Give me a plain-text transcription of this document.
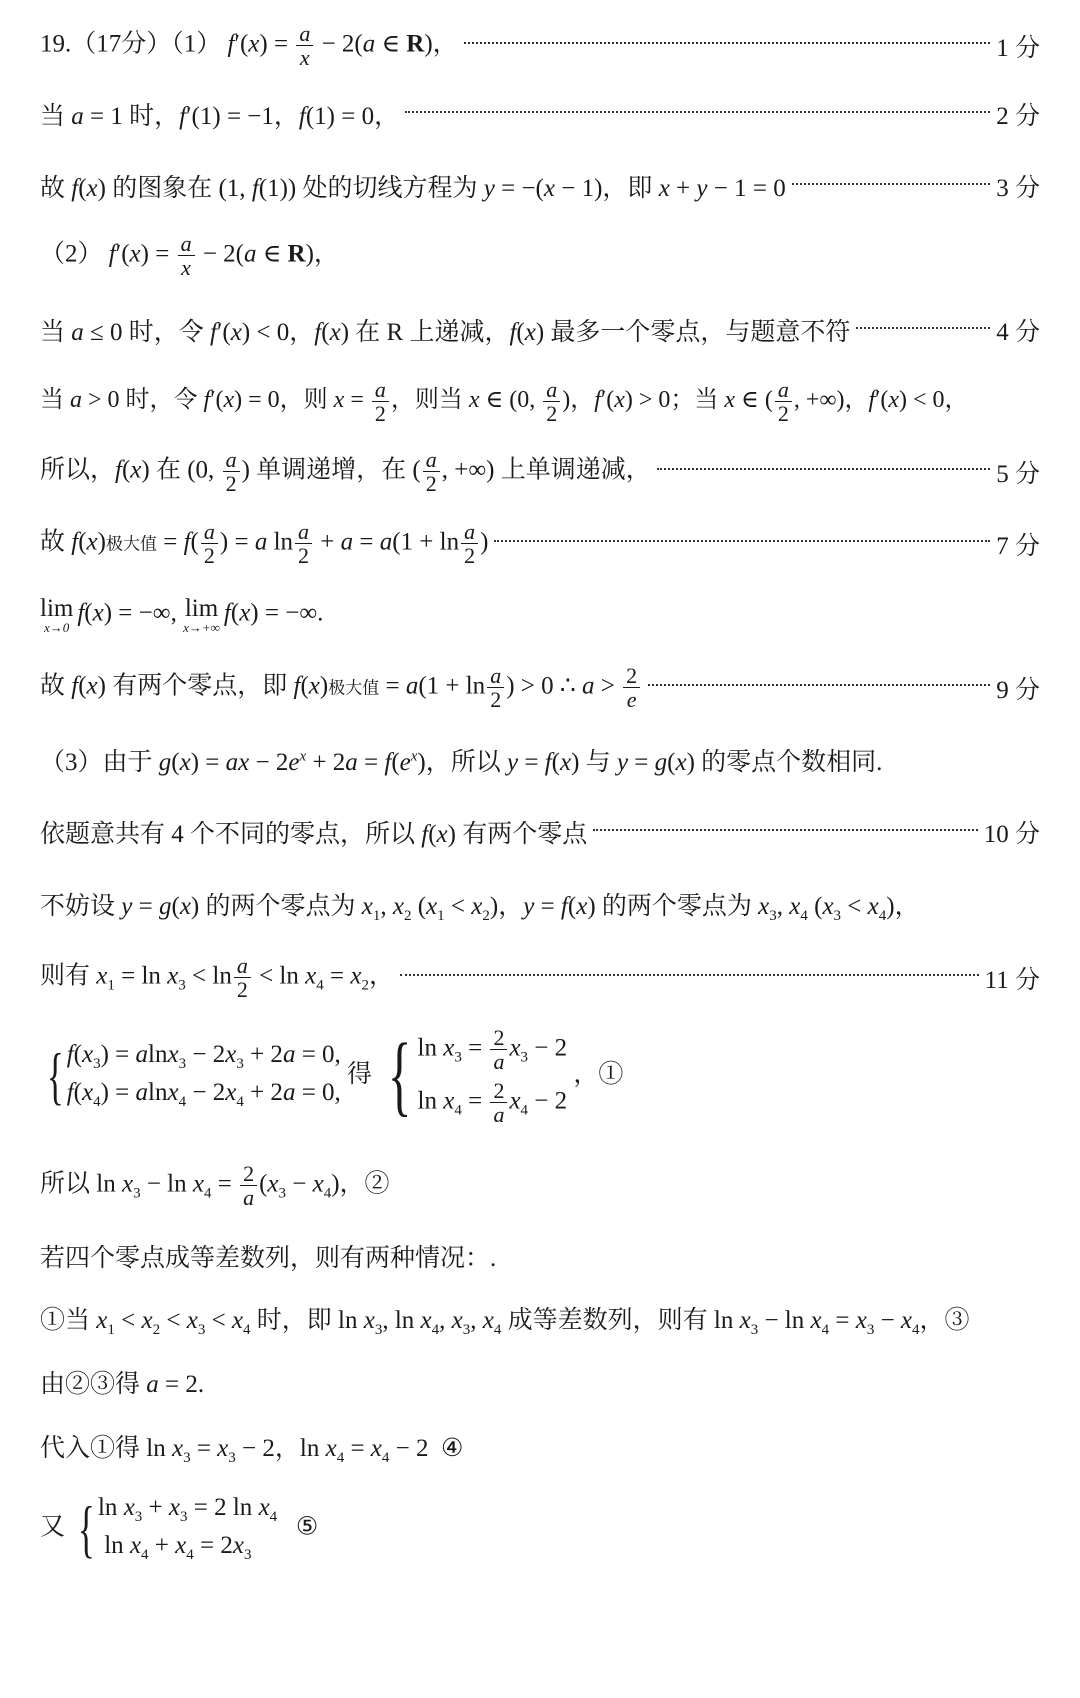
19.（17分）（1） $f'(x) = \frac{a}{x} - 2(a$ ∈ R)，	1 分
当 a = 1 时，f′(1) = −1，f(1) = 0，	2 分
故 f(x) 的图象在 (1, f(1)) 处的切线方程为 y = −(x − 1)，即 x + y − 1 = 0	3 分
（2） $f'(x) = \frac{a}{x} - 2(a$ ∈ R)，
当 a ≤ 0 时，令 f′(x) < 0，f(x) 在 R 上递减，f(x) 最多一个零点，与题意不符	4 分
当 a > 0 时，令 f′(x) = 0，则 $x = \frac{a}{2}$ ，则当 x ∈ (0, $\frac{a}{2}$ )，f′(x) > 0；当 x ∈ ( $\frac{a}{2}$ , +∞)，f′(x) < 0，
所以，f(x) 在 (0, $\frac{a}{2}$ ) 单调递增，在 ( $\frac{a}{2}$ , +∞) 上单调递减，	5 分
故 f(x)极大值 = $f( \frac{a}{2}$ ) = a $\ln \frac{a}{2} + a = a(1 + \ln \frac{a}{2}$ )	7 分
lim
x→0
f(x) = −∞, lim
x→+∞
f(x) = −∞.
故 f(x) 有两个零点，即 f(x)极大值 = $a(1 + \ln \frac{a}{2}$ ) > 0 ∴ $a > \frac{2}{e}$	9 分
（3）由于 g(x) = ax − $2e^x + 2a = f(e^x)$，所以 y = f(x) 与 y = g(x) 的零点个数相同.
依题意共有 4 个不同的零点，所以 f(x) 有两个零点	10 分
不妨设 y = g(x) 的两个零点为 $x_1$, $x_2$ $(x_1 < x_2)$，y = f(x) 的两个零点为 $x_3$, $x_4$ $(x_3 < x_4)$，
则有 $x_1 = \ln x_3 < \ln \frac{a}{2} < \ln x_4 = x_2$，	11 分
{ $f(x_3) = alnx_3 - 2x_3 + 2a = 0$,
$f(x_4) = alnx_4 - 2x_4 + 2a = 0$,
得 { $\ln x_3 = \frac{2}{a} x_3 - 2$
$\ln x_4 = \frac{2}{a} x_4 - 2$
，①
所以 $\ln x_3 - \ln x_4 = \frac{2}{a} (x_3 - x_4)$，②
若四个零点成等差数列，则有两种情况：.
①当 $x_1 < x_2 < x_3 < x_4$ 时，即 $\ln x_3$, $\ln x_4$, $x_3$, $x_4$ 成等差数列，则有 $\ln x_3 - \ln x_4 = x_3 - x_4$，③
由②③得 a = 2.
代入①得 $\ln x_3 = x_3 - 2$，$\ln x_4 = x_4 - 2$  ④
又 { $\ln x_3 + x_3 = 2$ $\ln x_4$
$\ln x_4 + x_4 = 2x_3$
⑤
